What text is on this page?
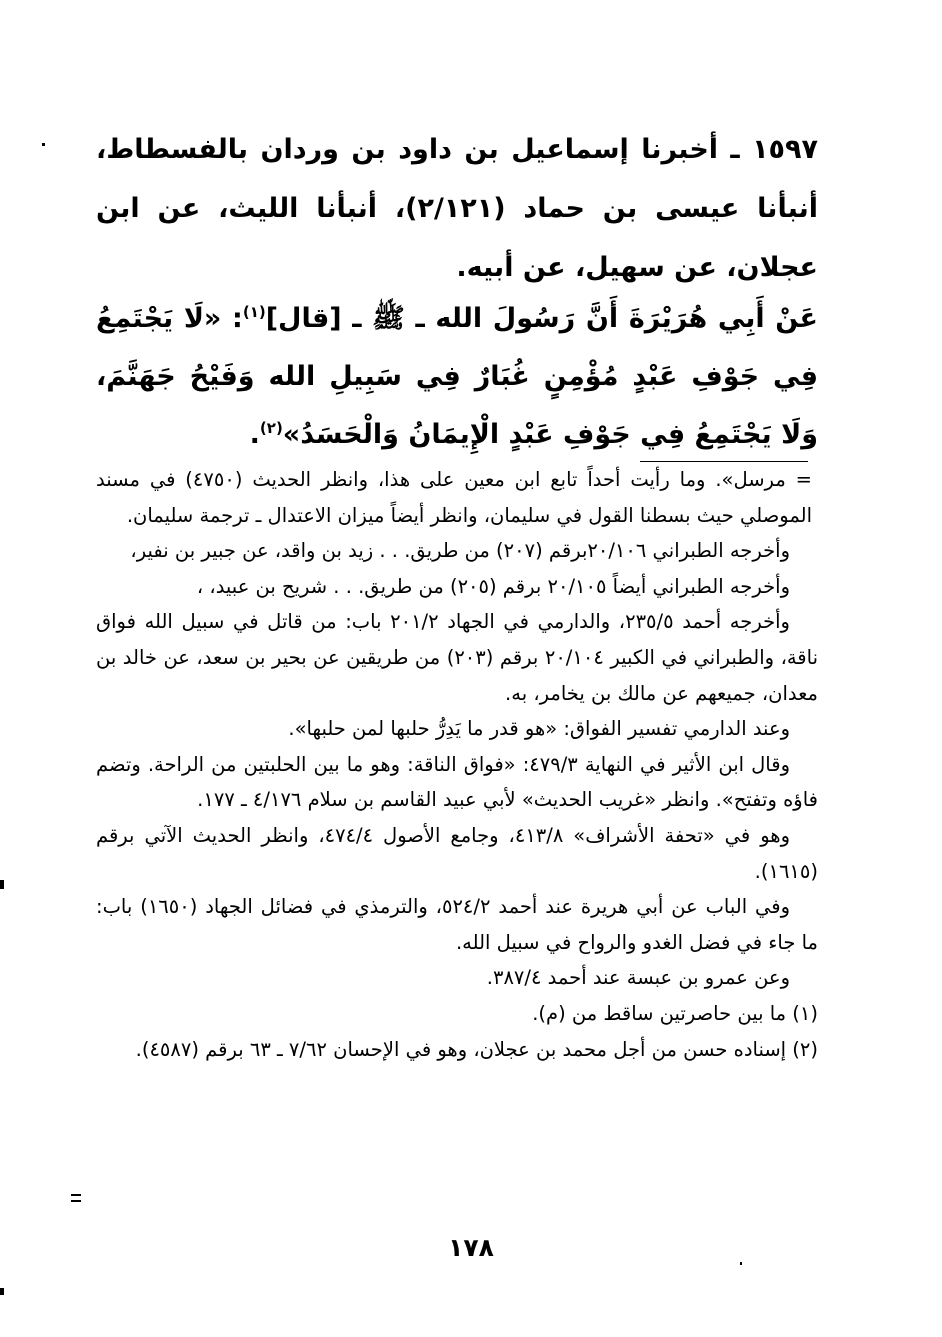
١٥٩٧ ـ أخبرنا إسماعيل بن داود بن وردان بالفسطاط، أنبأنا عيسى بن حماد (٢/١٢١)، أنبأنا الليث، عن ابن عجلان، عن سهيل، عن أبيه.

عَنْ أَبِي هُرَيْرَةَ أَنَّ رَسُولَ الله ـ ﷺ ـ [قال]$^{(١)}$: «لَا يَجْتَمِعُ فِي جَوْفِ عَبْدٍ مُؤْمِنٍ غُبَارٌ فِي سَبِيلِ الله وَفَيْحُ جَهَنَّمَ، وَلَا يَجْتَمِعُ فِي جَوْفِ عَبْدٍ الْإِيمَانُ وَالْحَسَدُ»$^{(٢)}$.

= مرسل». وما رأيت أحداً تابع ابن معين على هذا، وانظر الحديث (٤٧٥٠) في مسند الموصلي حيث بسطنا القول في سليمان، وانظر أيضاً ميزان الاعتدال ـ ترجمة سليمان.

وأخرجه الطبراني ٢٠/١٠٦برقم (٢٠٧) من طريق. . . زيد بن واقد، عن جبير بن نفير،

وأخرجه الطبراني أيضاً ٢٠/١٠٥ برقم (٢٠٥) من طريق. . . شريح بن عبيد، ،

وأخرجه أحمد ٢٣٥/٥، والدارمي في الجهاد ٢٠١/٢ باب: من قاتل في سبيل الله فواق ناقة، والطبراني في الكبير ٢٠/١٠٤ برقم (٢٠٣) من طريقين عن بحير بن سعد، عن خالد بن معدان، جميعهم عن مالك بن يخامر، به.

وعند الدارمي تفسير الفواق: «هو قدر ما يَدِرُّ حلبها لمن حلبها».

وقال ابن الأثير في النهاية ٤٧٩/٣: «فواق الناقة: وهو ما بين الحلبتين من الراحة. وتضم فاؤه وتفتح». وانظر «غريب الحديث» لأبي عبيد القاسم بن سلام ٤/١٧٦ ـ ١٧٧.

وهو في «تحفة الأشراف» ٤١٣/٨، وجامع الأصول ٤٧٤/٤، وانظر الحديث الآتي برقم (١٦١٥).

وفي الباب عن أبي هريرة عند أحمد ٥٢٤/٢، والترمذي في فضائل الجهاد (١٦٥٠) باب: ما جاء في فضل الغدو والرواح في سبيل الله.

وعن عمرو بن عبسة عند أحمد ٣٨٧/٤.

(١) ما بين حاصرتين ساقط من (م).

(٢) إسناده حسن من أجل محمد بن عجلان، وهو في الإحسان ٧/٦٢ ـ ٦٣ برقم (٤٥٨٧).

١٧٨
